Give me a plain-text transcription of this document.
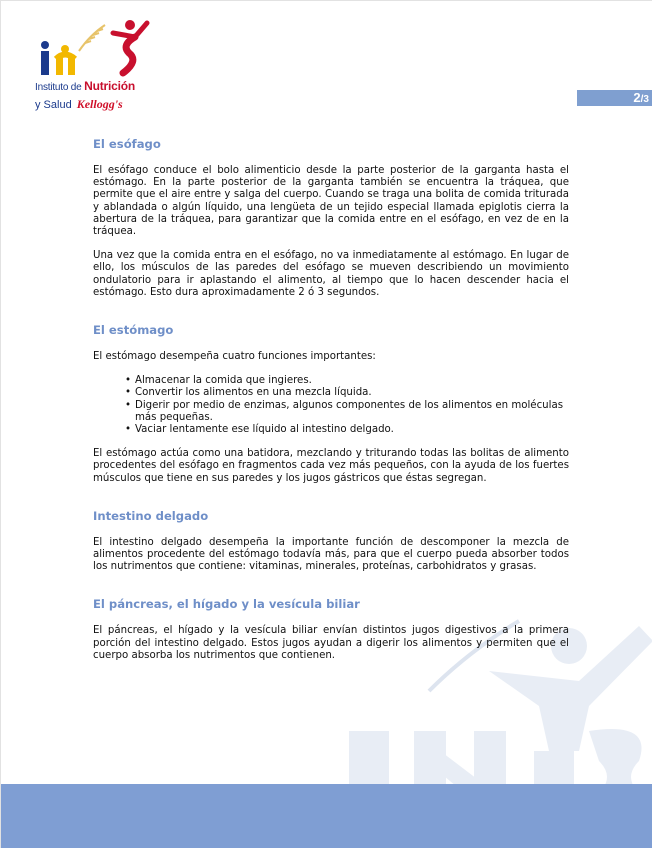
Instituto de Nutrición
y Salud Kellogg's	2/3
El esófago

El esófago conduce el bolo alimenticio desde la parte posterior de la garganta hasta el estómago. En la parte posterior de la garganta también se encuentra la tráquea, que permite que el aire entre y salga del cuerpo. Cuando se traga una bolita de comida triturada y ablandada o algún líquido, una lengüeta de un tejido especial llamada epiglotis cierra la abertura de la tráquea, para garantizar que la comida entre en el esófago, en vez de en la tráquea.

Una vez que la comida entra en el esófago, no va inmediatamente al estómago. En lugar de ello, los músculos de las paredes del esófago se mueven describiendo un movimiento ondulatorio para ir aplastando el alimento, al tiempo que lo hacen descender hacia el estómago. Esto dura aproximadamente 2 ó 3 segundos.

El estómago

El estómago desempeña cuatro funciones importantes:

• Almacenar la comida que ingieres.
• Convertir los alimentos en una mezcla líquida.
• Digerir por medio de enzimas, algunos componentes de los alimentos en moléculas más pequeñas.
• Vaciar lentamente ese líquido al intestino delgado.

El estómago actúa como una batidora, mezclando y triturando todas las bolitas de alimento procedentes del esófago en fragmentos cada vez más pequeños, con la ayuda de los fuertes músculos que tiene en sus paredes y los jugos gástricos que éstas segregan.

Intestino delgado

El intestino delgado desempeña la importante función de descomponer la mezcla de alimentos procedente del estómago todavía más, para que el cuerpo pueda absorber todos los nutrimentos que contiene: vitaminas, minerales, proteínas, carbohidratos y grasas.

El páncreas, el hígado y la vesícula biliar

El páncreas, el hígado y la vesícula biliar envían distintos jugos digestivos a la primera porción del intestino delgado. Estos jugos ayudan a digerir los alimentos y permiten que el cuerpo absorba los nutrimentos que contienen.
